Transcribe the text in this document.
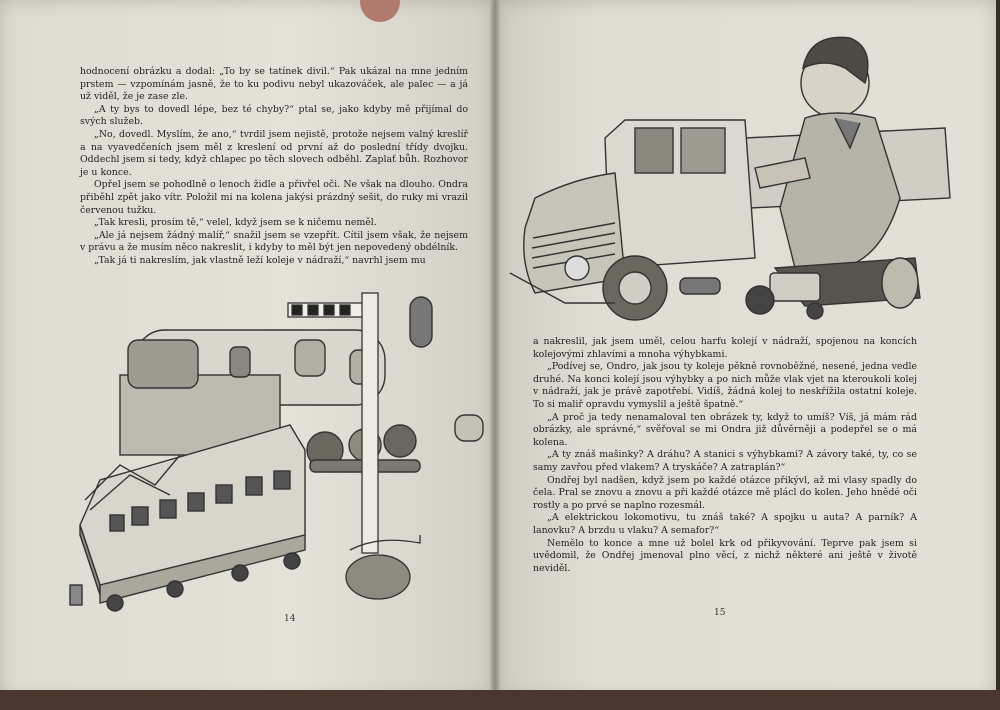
hodnocení obrázku a dodal: „To by se tatínek divil.“ Pak ukázal na mne jedním prstem — vzpomínám jasně, že to ku podivu nebyl ukazováček, ale palec — a já už viděl, že je zase zle.

„A ty bys to dovedl lépe, bez té chyby?“ ptal se, jako kdyby mě přijímal do svých služeb.

„No, dovedl. Myslím, že ano,“ tvrdil jsem nejistě, protože nejsem valný kreslíř a na vyavedčeních jsem měl z kreslení od první až do poslední třídy dvojku. Oddechl jsem si tedy, když chlapec po těch slovech odběhl. Zaplať bůh. Rozhovor je u konce.

Opřel jsem se pohodlně o lenoch židle a přivřel oči. Ne však na dlouho. Ondra přiběhl zpět jako vítr. Položil mi na kolena jakýsi prázdný sešit, do ruky mi vrazil červenou tužku.

„Tak kresli, prosím tě,“ velel, když jsem se k ničemu neměl.

„Ale já nejsem žádný malíř,“ snažil jsem se vzepřít. Cítil jsem však, že nejsem v právu a že musím něco nakreslit, i kdyby to měl být jen nepovedený obdélník.

„Tak já ti nakreslím, jak vlastně leží koleje v nádraží,“ navrhl jsem mu

14

a nakreslil, jak jsem uměl, celou harfu kolejí v nádraží, spojenou na koncích kolejovými zhlavími a mnoha výhybkami.

„Podívej se, Ondro, jak jsou ty koleje pěkně rovnoběžné, nesené, jedna vedle druhé. Na konci kolejí jsou výhybky a po nich může vlak vjet na kteroukoli kolej v nádraží, jak je právě zapotřebí. Vidíš, žádná kolej to neskřížila ostatní koleje. To si maliř opravdu vymyslil a ještě špatně.“

„A proč ja tedy nenamaloval ten obrázek ty, když to umíš? Víš, já mám rád obrázky, ale správné,“ svěřoval se mi Ondra již důvěrněji a podepřel se o má kolena.

„A ty znáš mašinky? A dráhu? A stanici s výhybkami? A závory také, ty, co se samy zavřou před vlakem? A tryskáče? A zatraplán?“

Ondřej byl nadšen, když jsem po každé otázce přikývl, až mi vlasy spadly do čela. Pral se znovu a znovu a při každé otázce mě plácl do kolen. Jeho hnědé oči rostly a po prvé se naplno rozesmál.

„A elektrickou lokomotivu, tu znáš také? A spojku u auta? A parník? A lanovku? A brzdu u vlaku? A semafor?“

Nemělo to konce a mne už bolel krk od přikyvování. Teprve pak jsem si uvědomil, že Ondřej jmenoval plno věcí, z nichž některé ani ještě v životě neviděl.

15
